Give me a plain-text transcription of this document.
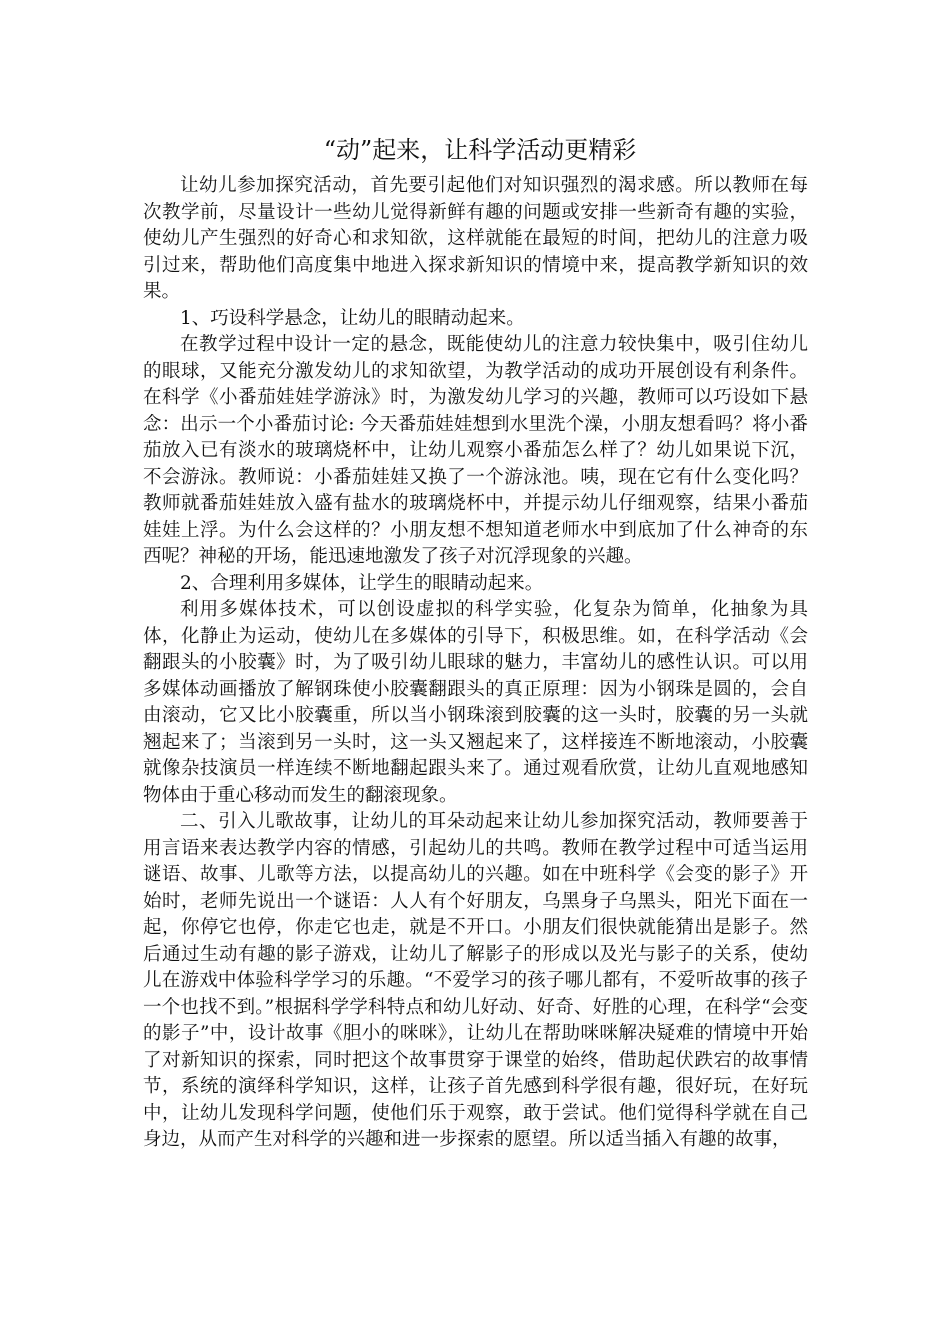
“动”起来，让科学活动更精彩

让幼儿参加探究活动，首先要引起他们对知识强烈的渴求感。所以教师在每次教学前，尽量设计一些幼儿觉得新鲜有趣的问题或安排一些新奇有趣的实验，使幼儿产生强烈的好奇心和求知欲，这样就能在最短的时间，把幼儿的注意力吸引过来，帮助他们高度集中地进入探求新知识的情境中来，提高教学新知识的效果。

1、巧设科学悬念，让幼儿的眼睛动起来。

在教学过程中设计一定的悬念，既能使幼儿的注意力较快集中，吸引住幼儿的眼球，又能充分激发幼儿的求知欲望，为教学活动的成功开展创设有利条件。在科学《小番茄娃娃学游泳》时，为激发幼儿学习的兴趣，教师可以巧设如下悬念：出示一个小番茄讨论: 今天番茄娃娃想到水里洗个澡，小朋友想看吗？将小番茄放入已有淡水的玻璃烧杯中，让幼儿观察小番茄怎么样了？幼儿如果说下沉，不会游泳。教师说：小番茄娃娃又换了一个游泳池。咦，现在它有什么变化吗？教师就番茄娃娃放入盛有盐水的玻璃烧杯中，并提示幼儿仔细观察，结果小番茄娃娃上浮。为什么会这样的？小朋友想不想知道老师水中到底加了什么神奇的东西呢？神秘的开场，能迅速地激发了孩子对沉浮现象的兴趣。

2、合理利用多媒体，让学生的眼睛动起来。

利用多媒体技术，可以创设虚拟的科学实验，化复杂为简单，化抽象为具体，化静止为运动，使幼儿在多媒体的引导下，积极思维。如，在科学活动《会翻跟头的小胶囊》时，为了吸引幼儿眼球的魅力，丰富幼儿的感性认识。可以用多媒体动画播放了解钢珠使小胶囊翻跟头的真正原理：因为小钢珠是圆的，会自由滚动，它又比小胶囊重，所以当小钢珠滚到胶囊的这一头时，胶囊的另一头就翘起来了；当滚到另一头时，这一头又翘起来了，这样接连不断地滚动，小胶囊就像杂技演员一样连续不断地翻起跟头来了。通过观看欣赏，让幼儿直观地感知物体由于重心移动而发生的翻滚现象。

二、引入儿歌故事，让幼儿的耳朵动起来让幼儿参加探究活动，教师要善于用言语来表达教学内容的情感，引起幼儿的共鸣。教师在教学过程中可适当运用谜语、故事、儿歌等方法，以提高幼儿的兴趣。如在中班科学《会变的影子》开始时，老师先说出一个谜语：人人有个好朋友，乌黑身子乌黑头，阳光下面在一起，你停它也停，你走它也走，就是不开口。小朋友们很快就能猜出是影子。然后通过生动有趣的影子游戏，让幼儿了解影子的形成以及光与影子的关系，使幼儿在游戏中体验科学学习的乐趣。“不爱学习的孩子哪儿都有，不爱听故事的孩子一个也找不到。”根据科学学科特点和幼儿好动、好奇、好胜的心理，在科学“会变的影子”中，设计故事《胆小的咪咪》，让幼儿在帮助咪咪解决疑难的情境中开始了对新知识的探索，同时把这个故事贯穿于课堂的始终，借助起伏跌宕的故事情节，系统的演绎科学知识，这样，让孩子首先感到科学很有趣，很好玩，在好玩中，让幼儿发现科学问题，使他们乐于观察，敢于尝试。他们觉得科学就在自己身边，从而产生对科学的兴趣和进一步探索的愿望。所以适当插入有趣的故事，
